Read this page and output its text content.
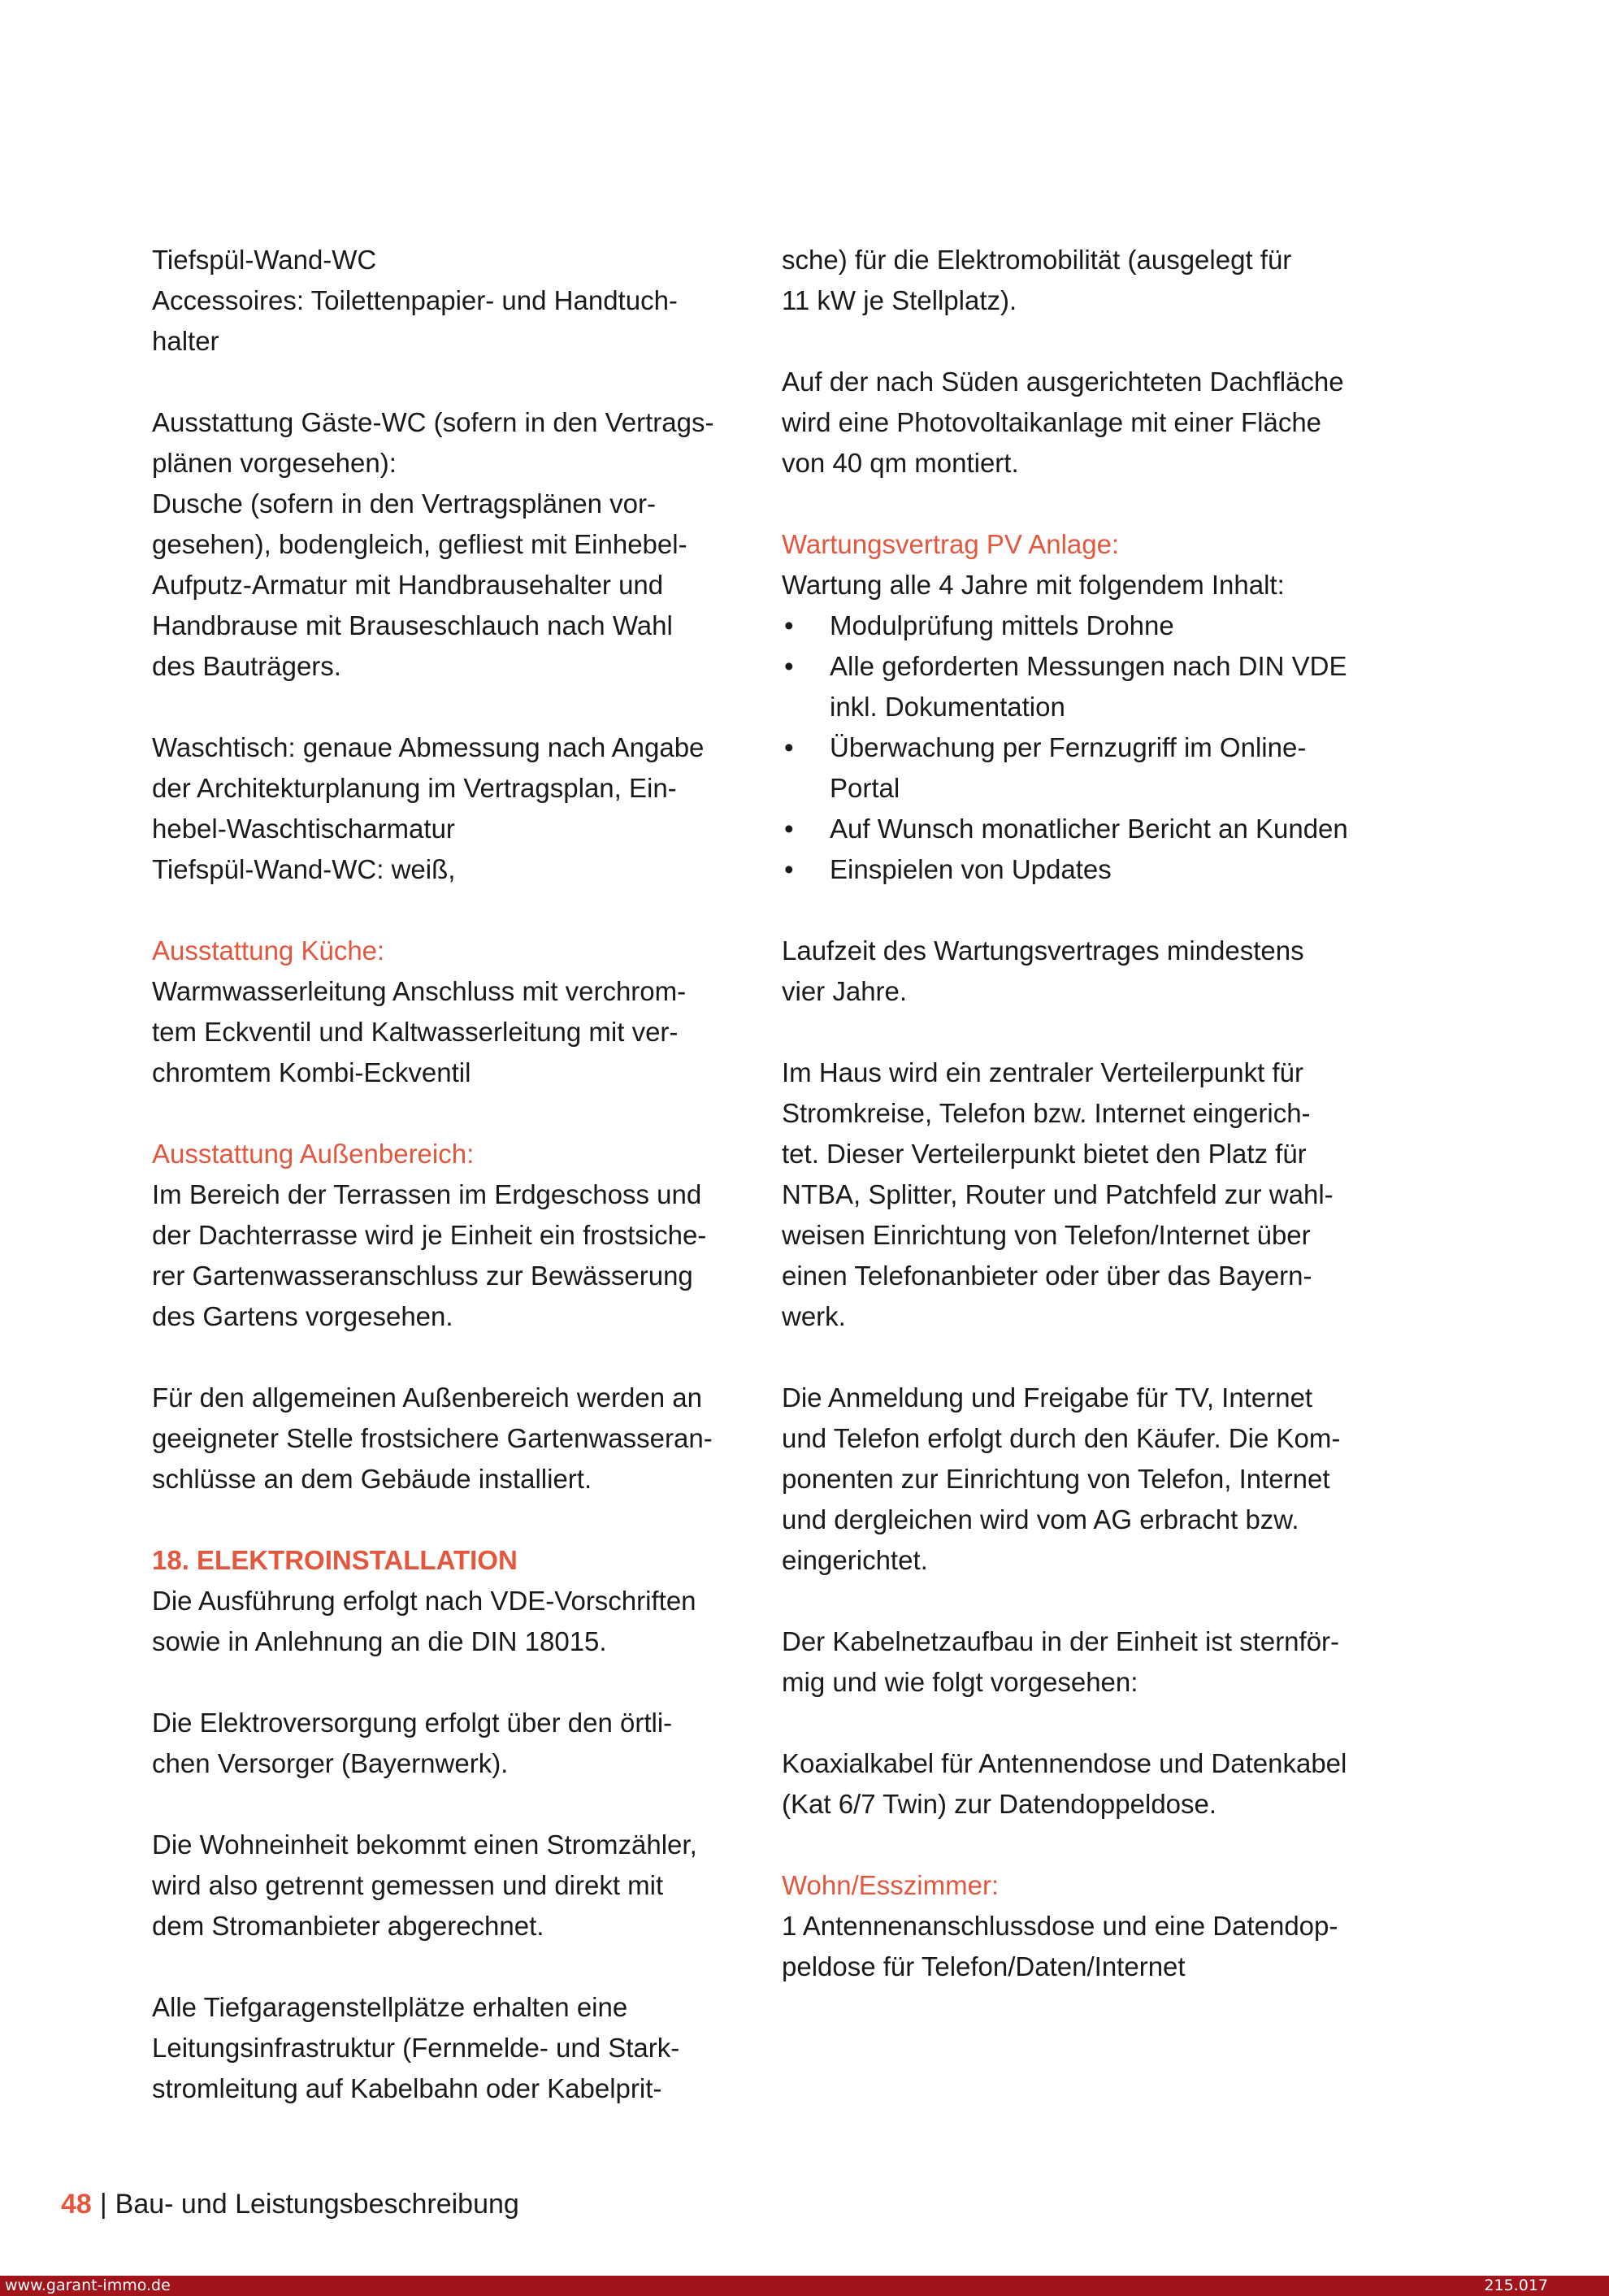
Tiefspül-Wand-WC
Accessoires: Toilettenpapier- und Handtuch-
halter
Ausstattung Gäste-WC (sofern in den Vertrags-
plänen vorgesehen):
Dusche (sofern in den Vertragsplänen vor-
gesehen), bodengleich, gefliest mit Einhebel-
Aufputz-Armatur mit Handbrausehalter und
Handbrause mit Brauseschlauch nach Wahl
des Bauträgers.
Waschtisch: genaue Abmessung nach Angabe
der Architekturplanung im Vertragsplan, Ein-
hebel-Waschtischarmatur
Tiefspül-Wand-WC: weiß,
Ausstattung Küche:
Warmwasserleitung Anschluss mit verchrom-
tem Eckventil und Kaltwasserleitung mit ver-
chromtem Kombi-Eckventil
Ausstattung Außenbereich:
Im Bereich der Terrassen im Erdgeschoss und
der Dachterrasse wird je Einheit ein frostsiche-
rer Gartenwasseranschluss zur Bewässerung
des Gartens vorgesehen.
Für den allgemeinen Außenbereich werden an
geeigneter Stelle frostsichere Gartenwasseran-
schlüsse an dem Gebäude installiert.
18. ELEKTROINSTALLATION
Die Ausführung erfolgt nach VDE-Vorschriften
sowie in Anlehnung an die DIN 18015.
Die Elektroversorgung erfolgt über den örtli-
chen Versorger (Bayernwerk).
Die Wohneinheit bekommt einen Stromzähler,
wird also getrennt gemessen und direkt mit
dem Stromanbieter abgerechnet.
Alle Tiefgaragenstellplätze erhalten eine
Leitungsinfrastruktur (Fernmelde- und Stark-
stromleitung auf Kabelbahn oder Kabelprit-
sche) für die Elektromobilität (ausgelegt für
11 kW je Stellplatz).
Auf der nach Süden ausgerichteten Dachfläche
wird eine Photovoltaikanlage mit einer Fläche
von 40 qm montiert.
Wartungsvertrag PV Anlage:
Wartung alle 4 Jahre mit folgendem Inhalt:
• Modulprüfung mittels Drohne
• Alle geforderten Messungen nach DIN VDE
inkl. Dokumentation
• Überwachung per Fernzugriff im Online-
Portal
• Auf Wunsch monatlicher Bericht an Kunden
• Einspielen von Updates
Laufzeit des Wartungsvertrages mindestens
vier Jahre.
Im Haus wird ein zentraler Verteilerpunkt für
Stromkreise, Telefon bzw. Internet eingerich-
tet. Dieser Verteilerpunkt bietet den Platz für
NTBA, Splitter, Router und Patchfeld zur wahl-
weisen Einrichtung von Telefon/Internet über
einen Telefonanbieter oder über das Bayern-
werk.
Die Anmeldung und Freigabe für TV, Internet
und Telefon erfolgt durch den Käufer. Die Kom-
ponenten zur Einrichtung von Telefon, Internet
und dergleichen wird vom AG erbracht bzw.
eingerichtet.
Der Kabelnetzaufbau in der Einheit ist sternför-
mig und wie folgt vorgesehen:
Koaxialkabel für Antennendose und Datenkabel
(Kat 6/7 Twin) zur Datendoppeldose.
Wohn/Esszimmer:
1 Antennenanschlussdose und eine Datendop-
peldose für Telefon/Daten/Internet
48 | Bau- und Leistungsbeschreibung
www.garant-immo.de	215.017
